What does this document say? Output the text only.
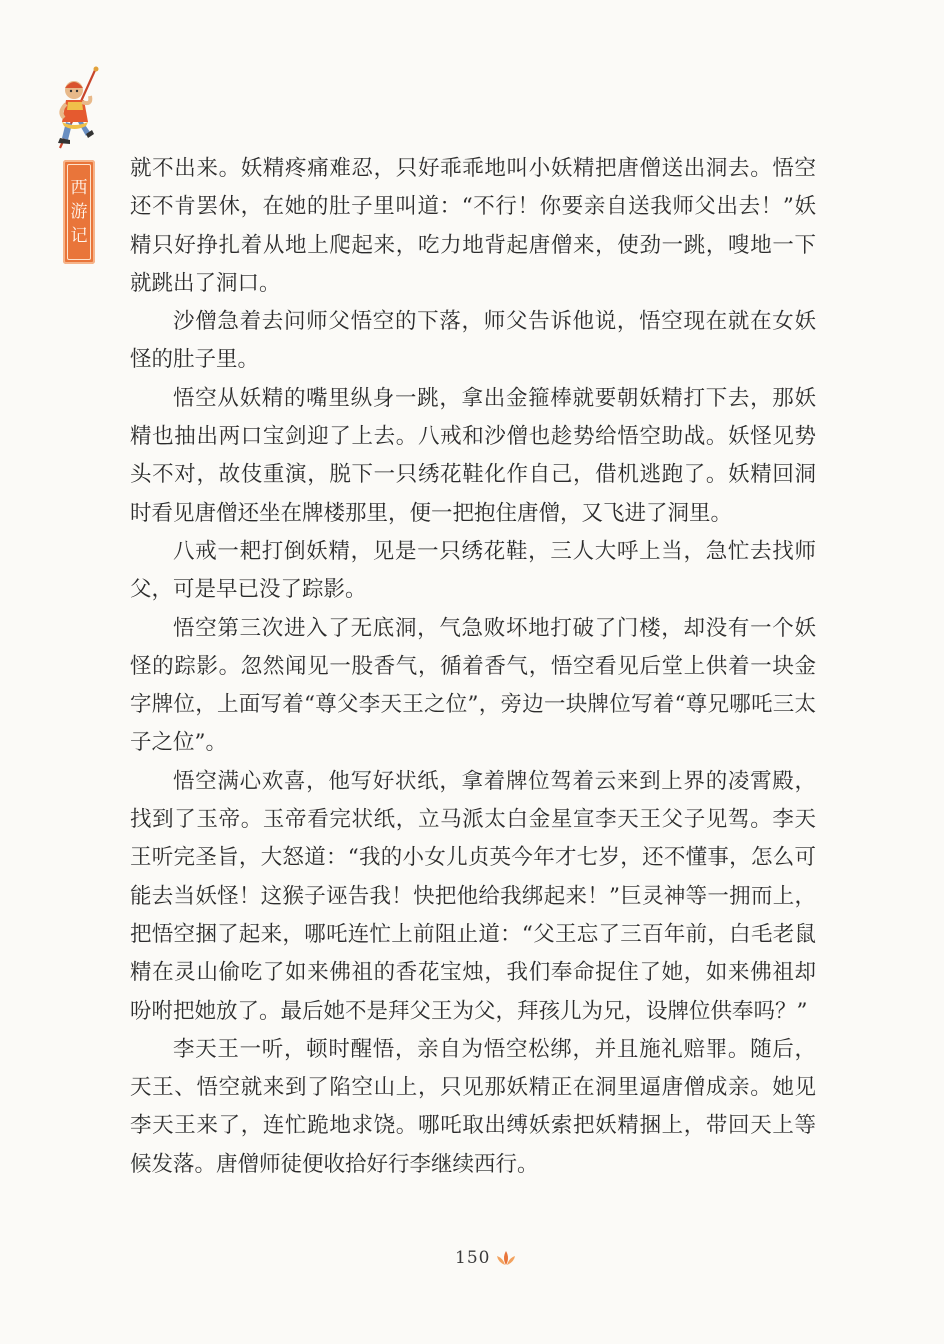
西
游
记

就不出来。妖精疼痛难忍，只好乖乖地叫小妖精把唐僧送出洞去。悟空还不肯罢休，在她的肚子里叫道：“不行！你要亲自送我师父出去！”妖精只好挣扎着从地上爬起来，吃力地背起唐僧来，使劲一跳，嗖地一下就跳出了洞口。

沙僧急着去问师父悟空的下落，师父告诉他说，悟空现在就在女妖怪的肚子里。

悟空从妖精的嘴里纵身一跳，拿出金箍棒就要朝妖精打下去，那妖精也抽出两口宝剑迎了上去。八戒和沙僧也趁势给悟空助战。妖怪见势头不对，故伎重演，脱下一只绣花鞋化作自己，借机逃跑了。妖精回洞时看见唐僧还坐在牌楼那里，便一把抱住唐僧，又飞进了洞里。

八戒一耙打倒妖精，见是一只绣花鞋，三人大呼上当，急忙去找师父，可是早已没了踪影。

悟空第三次进入了无底洞，气急败坏地打破了门楼，却没有一个妖怪的踪影。忽然闻见一股香气，循着香气，悟空看见后堂上供着一块金字牌位，上面写着“尊父李天王之位”，旁边一块牌位写着“尊兄哪吒三太子之位”。

悟空满心欢喜，他写好状纸，拿着牌位驾着云来到上界的凌霄殿，找到了玉帝。玉帝看完状纸，立马派太白金星宣李天王父子见驾。李天王听完圣旨，大怒道：“我的小女儿贞英今年才七岁，还不懂事，怎么可能去当妖怪！这猴子诬告我！快把他给我绑起来！”巨灵神等一拥而上，把悟空捆了起来，哪吒连忙上前阻止道：“父王忘了三百年前，白毛老鼠精在灵山偷吃了如来佛祖的香花宝烛，我们奉命捉住了她，如来佛祖却吩咐把她放了。最后她不是拜父王为父，拜孩儿为兄，设牌位供奉吗？”

李天王一听，顿时醒悟，亲自为悟空松绑，并且施礼赔罪。随后，天王、悟空就来到了陷空山上，只见那妖精正在洞里逼唐僧成亲。她见李天王来了，连忙跪地求饶。哪吒取出缚妖索把妖精捆上，带回天上等候发落。唐僧师徒便收拾好行李继续西行。

150
